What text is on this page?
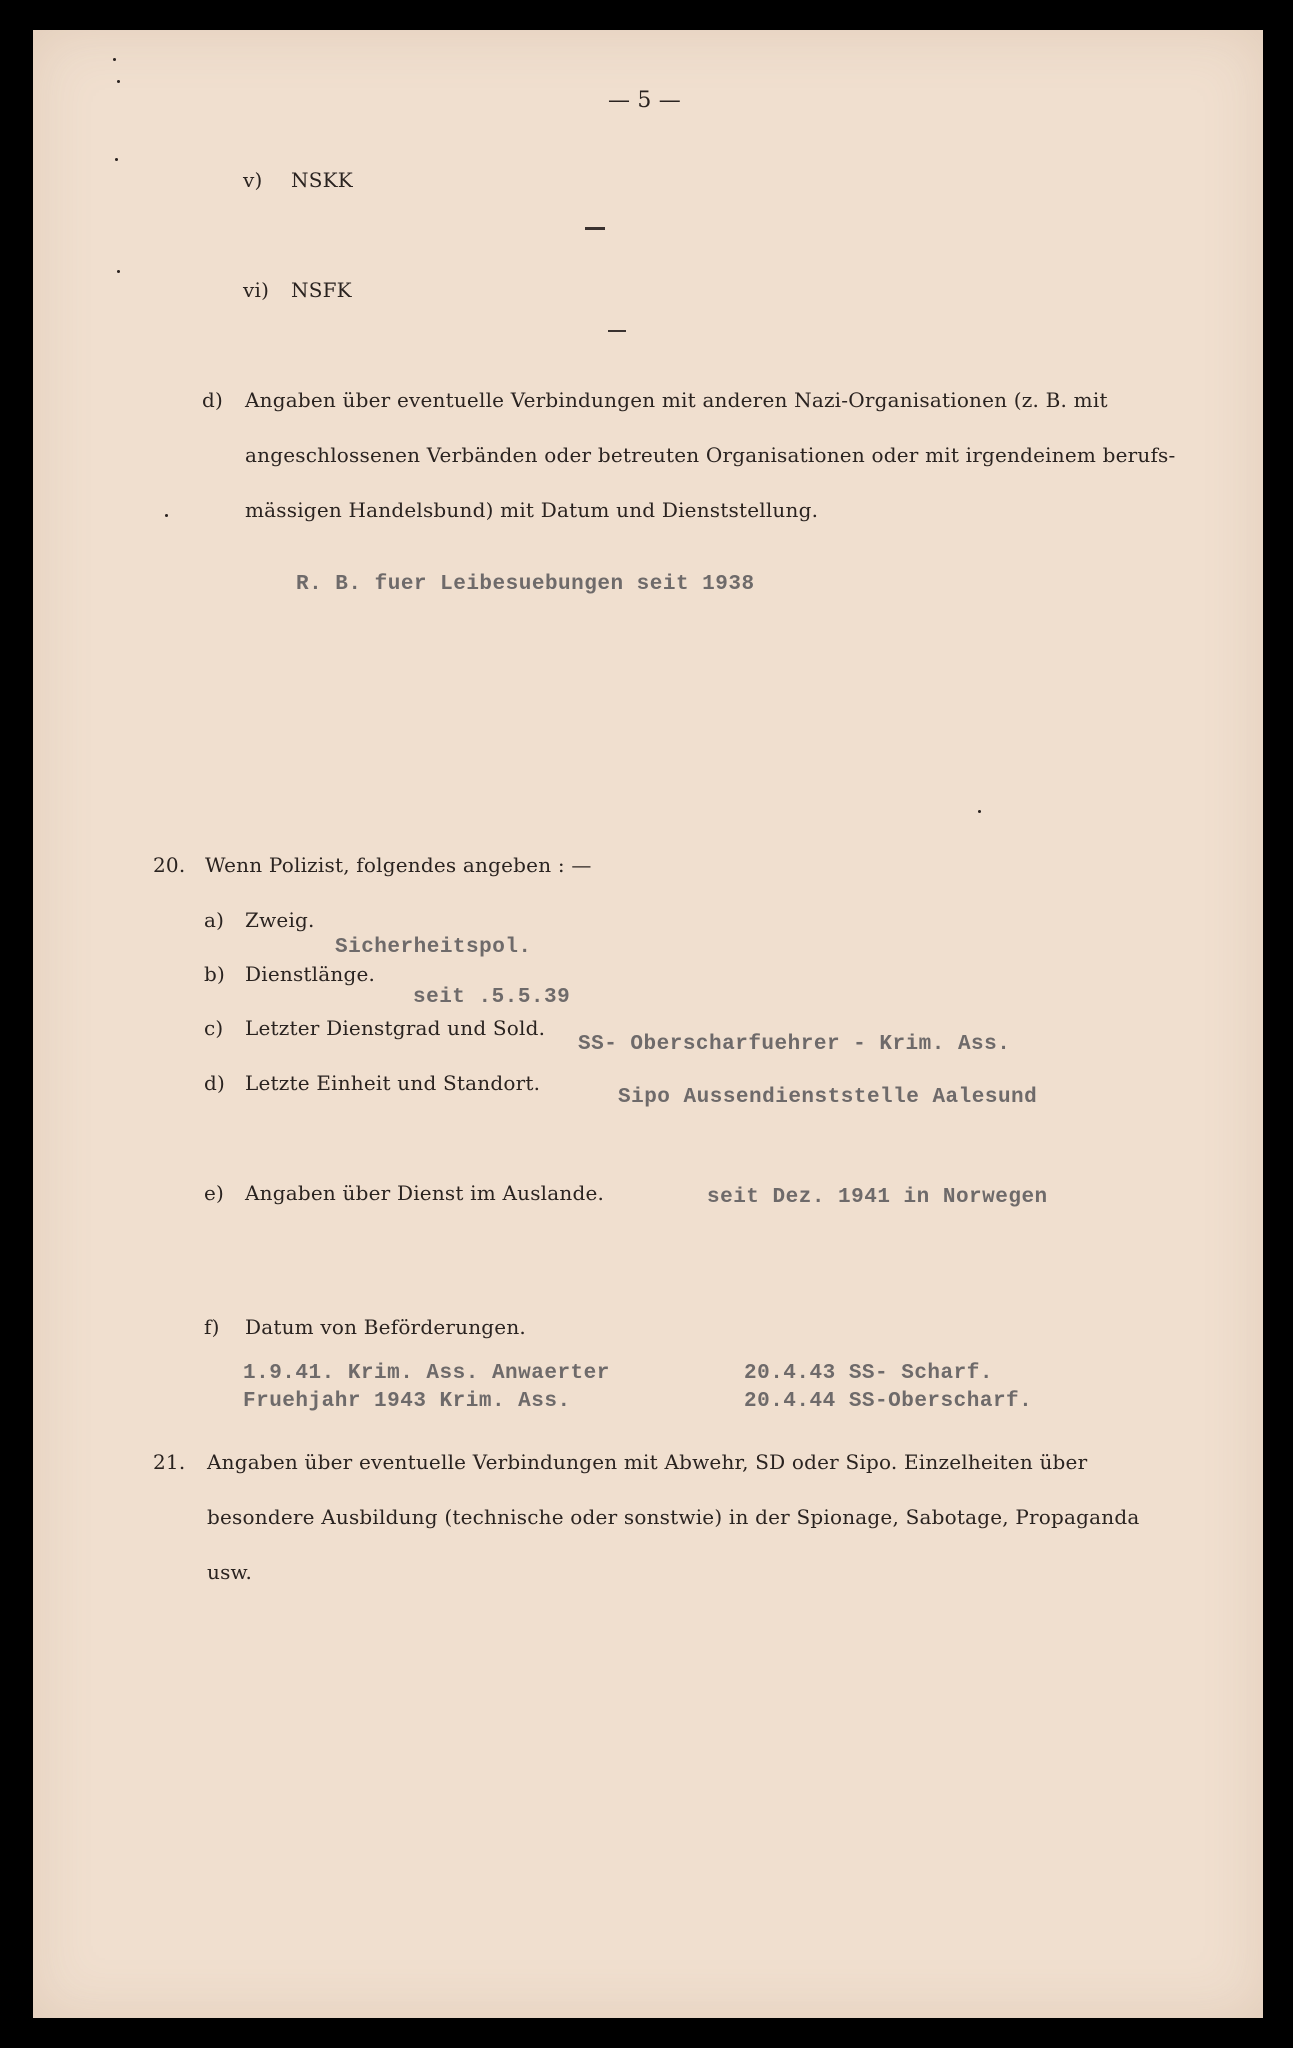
— 5 —
v) NSKK
vi) NSFK
d) Angaben über eventuelle Verbindungen mit anderen Nazi-Organisationen (z. B. mit
angeschlossenen Verbänden oder betreuten Organisationen oder mit irgendeinem berufs-
mässigen Handelsbund) mit Datum und Dienststellung.
R. B. fuer Leibesuebungen seit 1938
20. Wenn Polizist, folgendes angeben : —
a) Zweig.
Sicherheitspol.
b) Dienstlänge.
seit .5.5.39
c) Letzter Dienstgrad und Sold.
SS- Oberscharfuehrer - Krim. Ass.
d) Letzte Einheit und Standort.
Sipo Aussendienststelle Aalesund
e) Angaben über Dienst im Auslande.	seit Dez. 1941 in Norwegen
f) Datum von Beförderungen.
1.9.41. Krim. Ass. Anwaerter
Fruehjahr 1943 Krim. Ass.
20.4.43 SS- Scharf.
20.4.44 SS-Oberscharf.
21. Angaben über eventuelle Verbindungen mit Abwehr, SD oder Sipo. Einzelheiten über
besondere Ausbildung (technische oder sonstwie) in der Spionage, Sabotage, Propaganda
usw.
